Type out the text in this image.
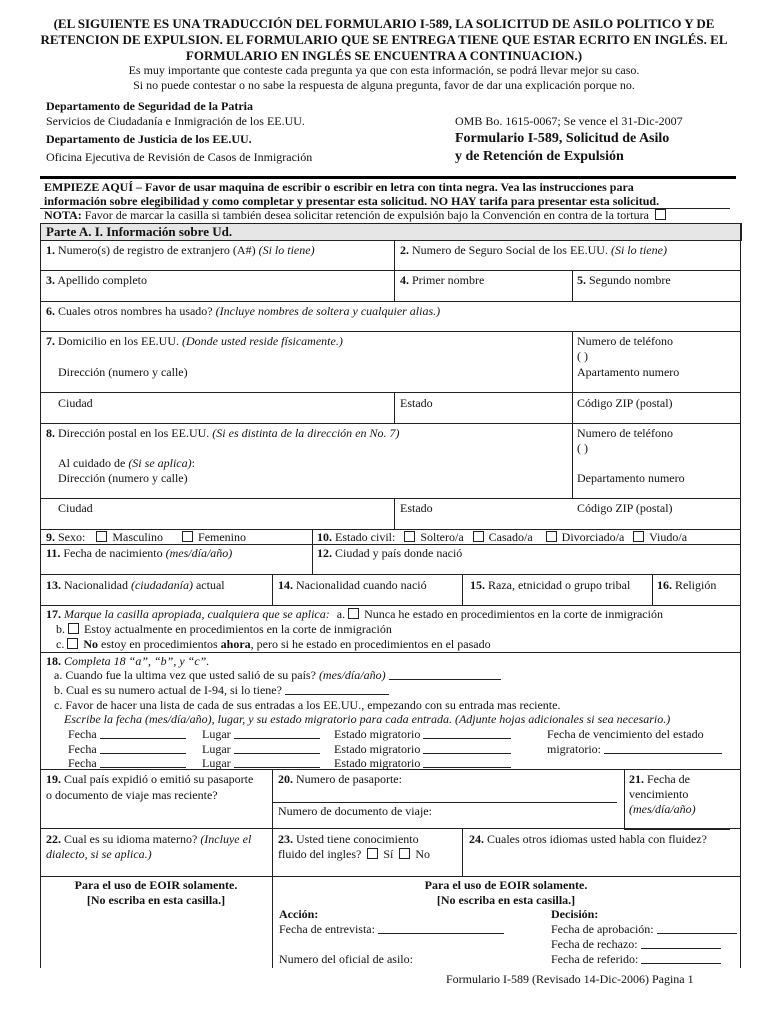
(EL SIGUIENTE ES UNA TRADUCCIÓN DEL FORMULARIO I-589, LA SOLICITUD DE ASILO POLITICO Y DE
RETENCION DE EXPULSION. EL FORMULARIO QUE SE ENTREGA TIENE QUE ESTAR ECRITO EN INGLÉS. EL
FORMULARIO EN INGLÉS SE ENCUENTRA A CONTINUACION.)
Es muy importante que conteste cada pregunta ya que con esta información, se podrá llevar mejor su caso.
Si no puede contestar o no sabe la respuesta de alguna pregunta, favor de dar una explicación porque no.
Departamento de Seguridad de la Patria
Servicios de Ciudadanía e Inmigración de los EE.UU.
Departamento de Justicia de los EE.UU.
Oficina Ejecutiva de Revisión de Casos de Inmigración
OMB Bo. 1615-0067; Se vence el 31-Dic-2007
Formulario I-589, Solicitud de Asilo
y de Retención de Expulsión
EMPIEZE AQUÍ – Favor de usar maquina de escribir o escribir en letra con tinta negra. Vea las instrucciones para
información sobre elegibilidad y como completar y presentar esta solicitud. NO HAY tarifa para presentar esta solicitud.
NOTA: Favor de marcar la casilla si también desea solicitar retención de expulsión bajo la Convención en contra de la tortura
Parte A. I. Información sobre Ud.
1. Numero(s) de registro de extranjero (A#) (Si lo tiene)	2. Numero de Seguro Social de los EE.UU. (Si lo tiene)
3. Apellido completo	4. Primer nombre	5. Segundo nombre
6. Cuales otros nombres ha usado? (Incluye nombres de soltera y cualquier alias.)
7. Domicilio en los EE.UU. (Donde usted reside físicamente.)	Numero de teléfono
( )
Dirección (numero y calle)	Apartamento numero
Ciudad	Estado	Código ZIP (postal)
8. Dirección postal en los EE.UU. (Si es distinta de la dirección en No. 7)	Numero de teléfono
( )
Al cuidado de (Si se aplica):
Dirección (numero y calle)	Departamento numero
Ciudad	Estado	Código ZIP (postal)
9. Sexo: Masculino	Femenino	10. Estado civil: Soltero/a Casado/a Divorciado/a Viudo/a
11. Fecha de nacimiento (mes/día/año)	12. Ciudad y país donde nació
13. Nacionalidad (ciudadanía) actual	14. Nacionalidad cuando nació	15. Raza, etnicidad o grupo tribal 16. Religión
17. Marque la casilla apropiada, cualquiera que se aplica: a. Nunca he estado en procedimientos en la corte de inmigración
b. Estoy actualmente en procedimientos en la corte de inmigración
c. No estoy en procedimientos ahora, pero si he estado en procedimientos en el pasado
18. Completa 18 “a”, “b”, y “c”.
a. Cuando fue la ultima vez que usted salió de su país? (mes/día/año)
b. Cual es su numero actual de I-94, si lo tiene?
c. Favor de hacer una lista de cada de sus entradas a los EE.UU., empezando con su entrada mas reciente.
Escribe la fecha (mes/día/año), lugar, y su estado migratorio para cada entrada. (Adjunte hojas adicionales si sea necesario.)
Fecha	Lugar	Estado migratorio	Fecha de vencimiento del estado
Fecha	Lugar	Estado migratorio	migratorio:
Fecha	Lugar	Estado migratorio
19. Cual país expidió o emitió su pasaporte
o documento de viaje mas reciente?
20. Numero de pasaporte:
Numero de documento de viaje:
21. Fecha de
vencimiento
(mes/día/año)
22. Cual es su idioma materno? (Incluye el
dialecto, si se aplica.)
23. Usted tiene conocimiento
fluido del ingles? Sí No
24. Cuales otros idiomas usted habla con fluidez?
Para el uso de EOIR solamente.
[No escriba en esta casilla.]
Para el uso de EOIR solamente.
[No escriba en esta casilla.]
Acción:
Fecha de entrevista:
Numero del oficial de asilo:
Decisión:
Fecha de aprobación:
Fecha de rechazo:
Fecha de referido:
Formulario I-589 (Revisado 14-Dic-2006) Pagina 1
